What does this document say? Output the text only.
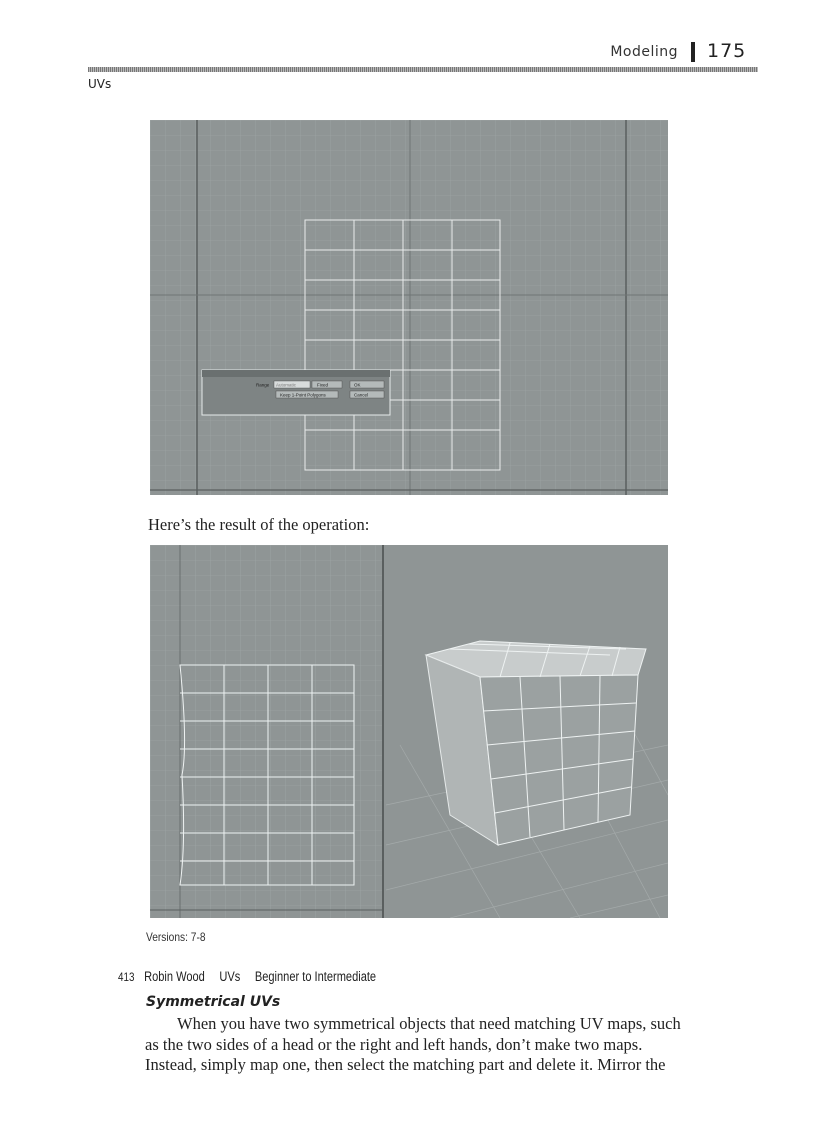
Modeling 175
UVs
Range Automatic	Fixed
Keep 1-Point Polygons
OK
Cancel
Here’s the result of the operation:
Versions: 7-8
413 Robin Wood UVs Beginner to Intermediate
Symmetrical UVs

When you have two symmetrical objects that need matching UV maps, such

as the two sides of a head or the right and left hands, don’t make two maps.
Instead, simply map one, then select the matching part and delete it. Mirror the
